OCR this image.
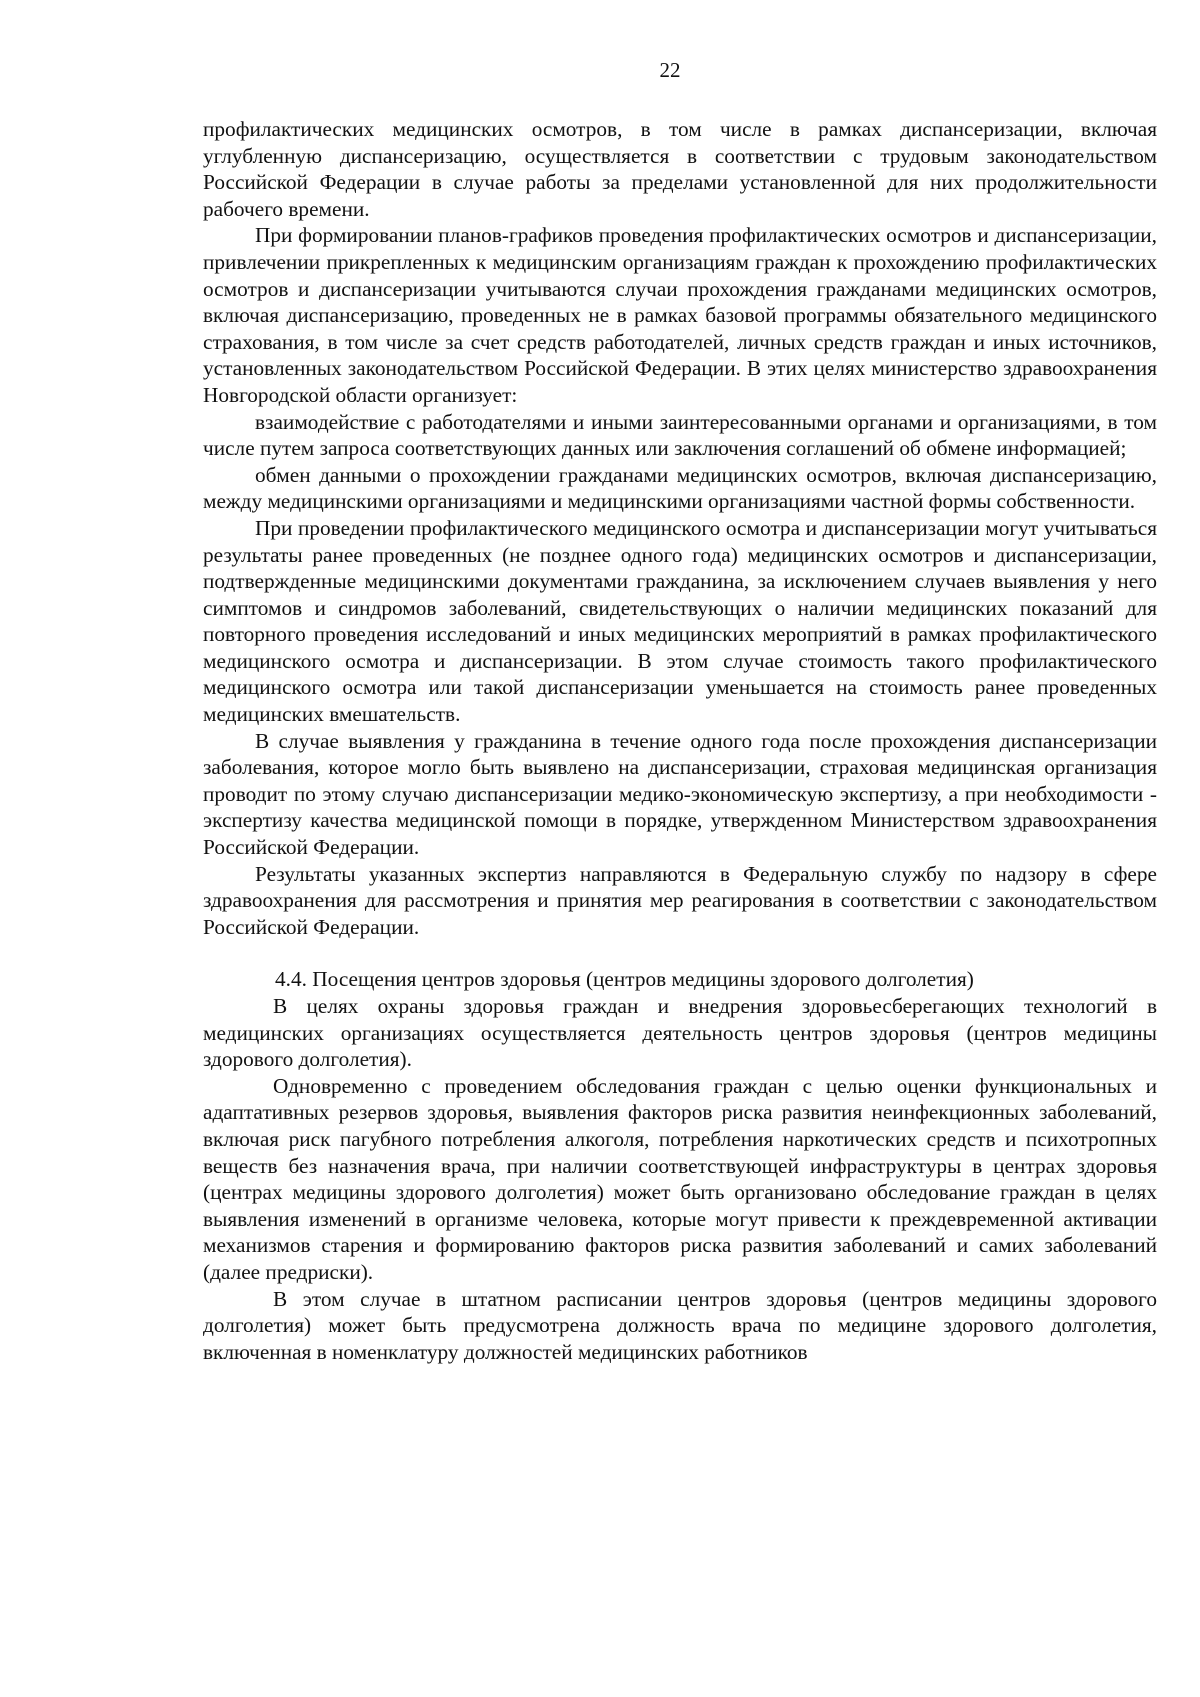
22

профилактических медицинских осмотров, в том числе в рамках диспансеризации, включая углубленную диспансеризацию, осуществляется в соответствии с трудовым законодательством Российской Федерации в случае работы за пределами установленной для них продолжительности рабочего времени.

При формировании планов-графиков проведения профилактических осмотров и диспансеризации, привлечении прикрепленных к медицинским организациям граждан к прохождению профилактических осмотров и диспансеризации учитываются случаи прохождения гражданами медицинских осмотров, включая диспансеризацию, проведенных не в рамках базовой программы обязательного медицинского страхования, в том числе за счет средств работодателей, личных средств граждан и иных источников, установленных законодательством Российской Федерации. В этих целях министерство здравоохранения Новгородской области организует:

взаимодействие с работодателями и иными заинтересованными органами и организациями, в том числе путем запроса соответствующих данных или заключения соглашений об обмене информацией;

обмен данными о прохождении гражданами медицинских осмотров, включая диспансеризацию, между медицинскими организациями и медицинскими организациями частной формы собственности.

При проведении профилактического медицинского осмотра и диспансеризации могут учитываться результаты ранее проведенных (не позднее одного года) медицинских осмотров и диспансеризации, подтвержденные медицинскими документами гражданина, за исключением случаев выявления у него симптомов и синдромов заболеваний, свидетельствующих о наличии медицинских показаний для повторного проведения исследований и иных медицинских мероприятий в рамках профилактического медицинского осмотра и диспансеризации. В этом случае стоимость такого профилактического медицинского осмотра или такой диспансеризации уменьшается на стоимость ранее проведенных медицинских вмешательств.

В случае выявления у гражданина в течение одного года после прохождения диспансеризации заболевания, которое могло быть выявлено на диспансеризации, страховая медицинская организация проводит по этому случаю диспансеризации медико-экономическую экспертизу, а при необходимости - экспертизу качества медицинской помощи в порядке, утвержденном Министерством здравоохранения Российской Федерации.

Результаты указанных экспертиз направляются в Федеральную службу по надзору в сфере здравоохранения для рассмотрения и принятия мер реагирования в соответствии с законодательством Российской Федерации.

4.4. Посещения центров здоровья (центров медицины здорового долголетия)

В целях охраны здоровья граждан и внедрения здоровьесберегающих технологий в медицинских организациях осуществляется деятельность центров здоровья (центров медицины здорового долголетия).

Одновременно с проведением обследования граждан с целью оценки функциональных и адаптативных резервов здоровья, выявления факторов риска развития неинфекционных заболеваний, включая риск пагубного потребления алкоголя, потребления наркотических средств и психотропных веществ без назначения врача, при наличии соответствующей инфраструктуры в центрах здоровья (центрах медицины здорового долголетия) может быть организовано обследование граждан в целях выявления изменений в организме человека, которые могут привести к преждевременной активации механизмов старения и формированию факторов риска развития заболеваний и самих заболеваний (далее предриски).

В этом случае в штатном расписании центров здоровья (центров медицины здорового долголетия) может быть предусмотрена должность врача по медицине здорового долголетия, включенная в номенклатуру должностей медицинских работников
